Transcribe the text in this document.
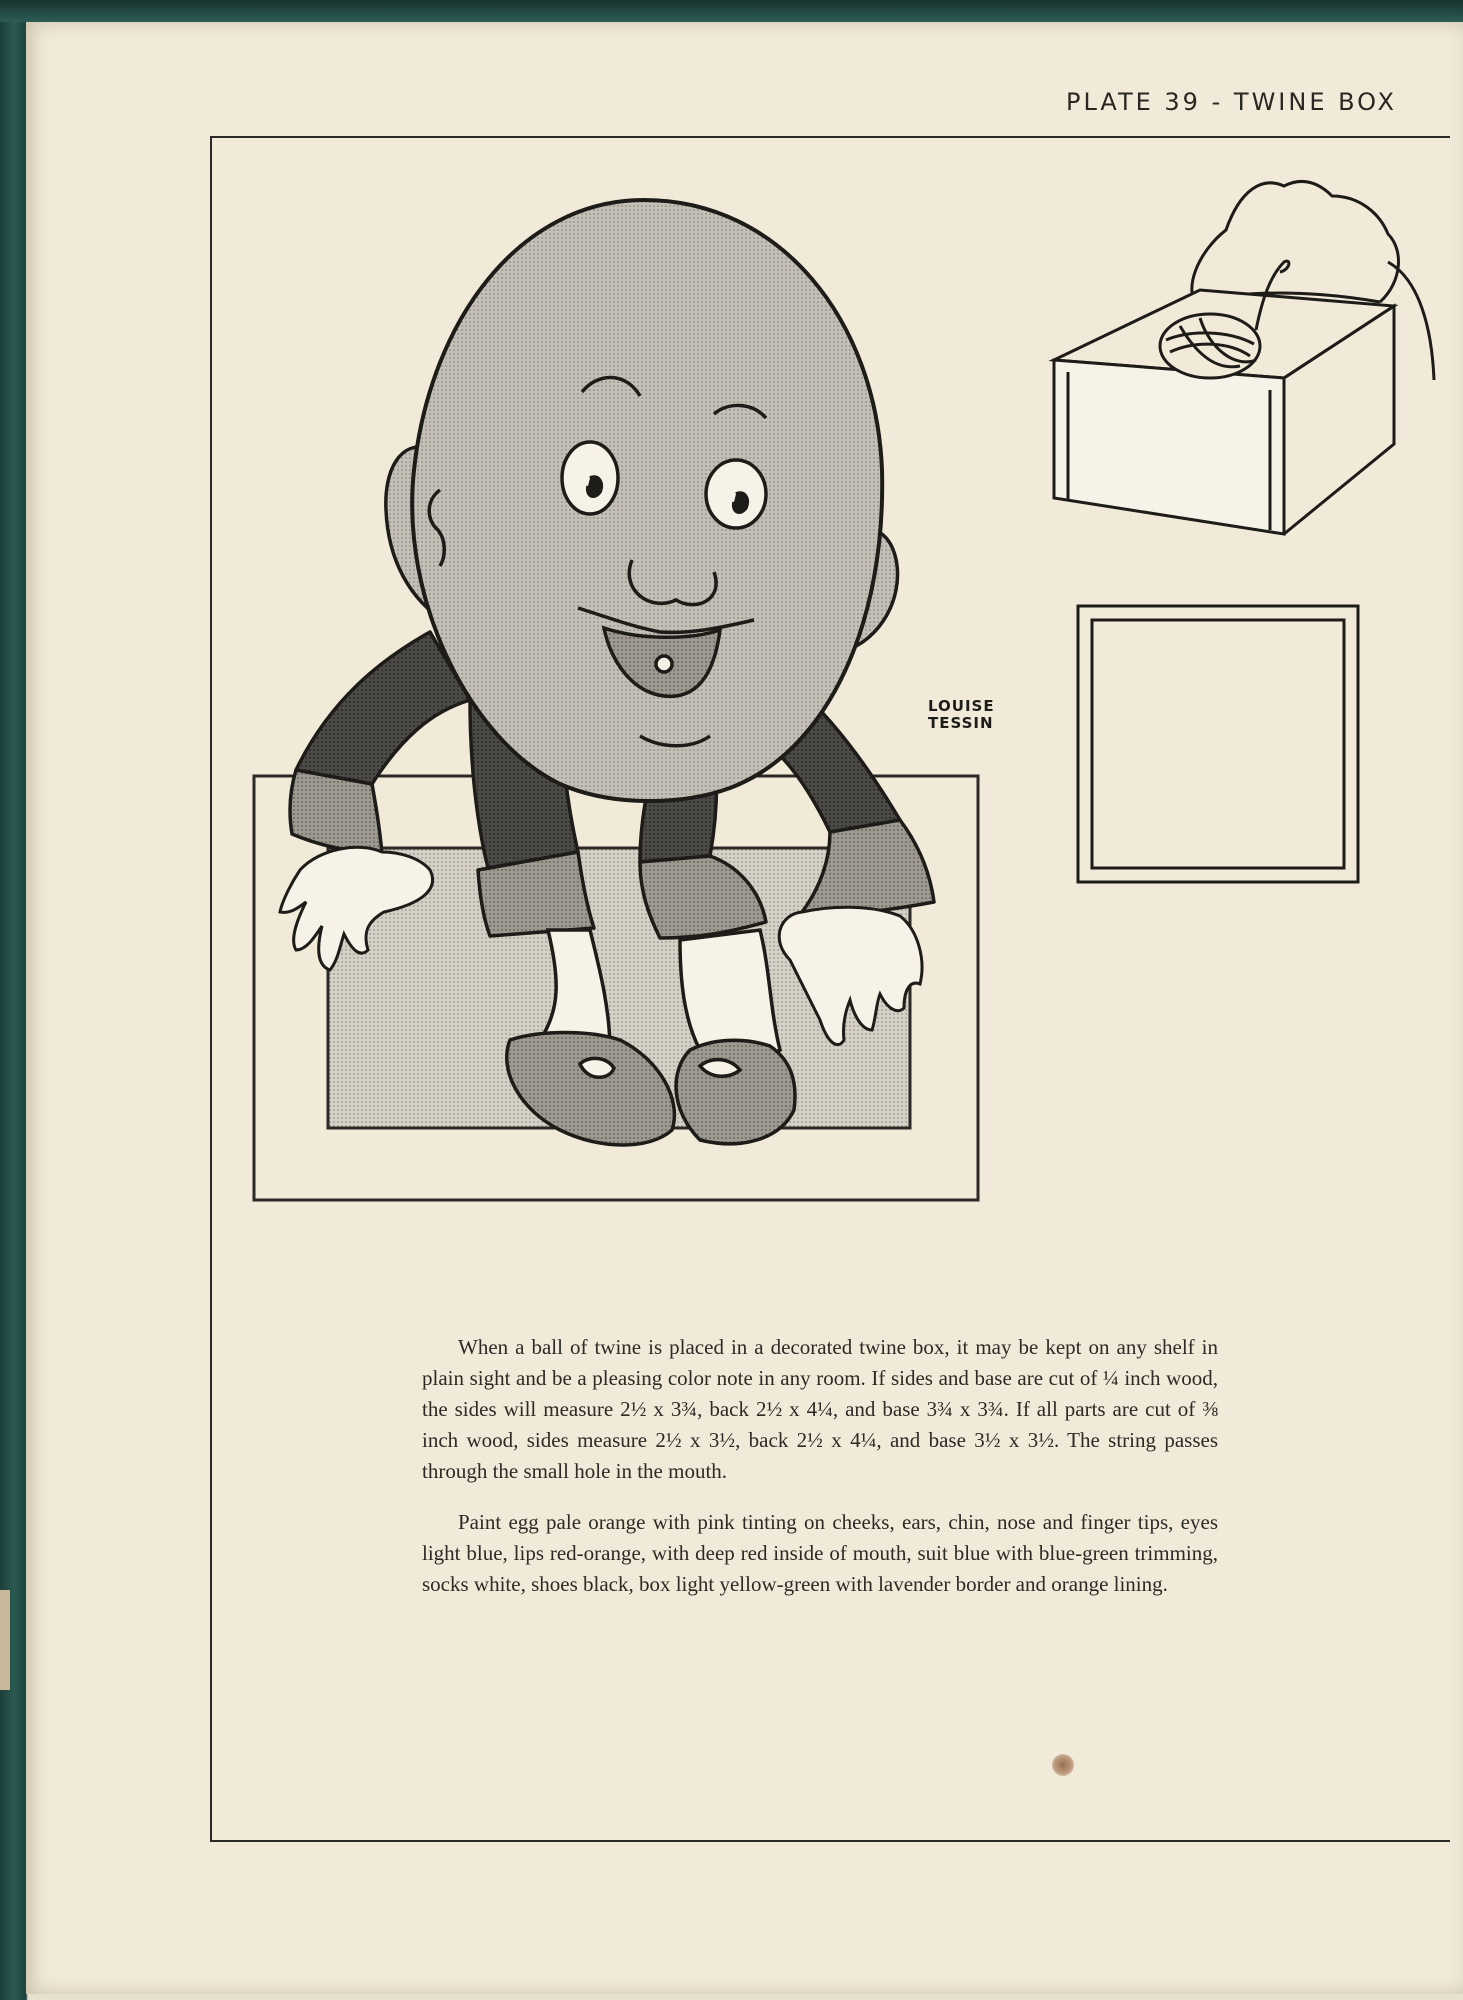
PLATE 39 - TWINE BOX
LOUISE
TESSIN

When a ball of twine is placed in a decorated twine box, it may be kept on any shelf in plain sight and be a pleasing color note in any room. If sides and base are cut of ¼ inch wood, the sides will measure 2½ x 3¾, back 2½ x 4¼, and base 3¾ x 3¾. If all parts are cut of ⅜ inch wood, sides measure 2½ x 3½, back 2½ x 4¼, and base 3½ x 3½. The string passes through the small hole in the mouth.

Paint egg pale orange with pink tinting on cheeks, ears, chin, nose and finger tips, eyes light blue, lips red-orange, with deep red inside of mouth, suit blue with blue-green trimming, socks white, shoes black, box light yellow-green with lavender border and orange lining.
